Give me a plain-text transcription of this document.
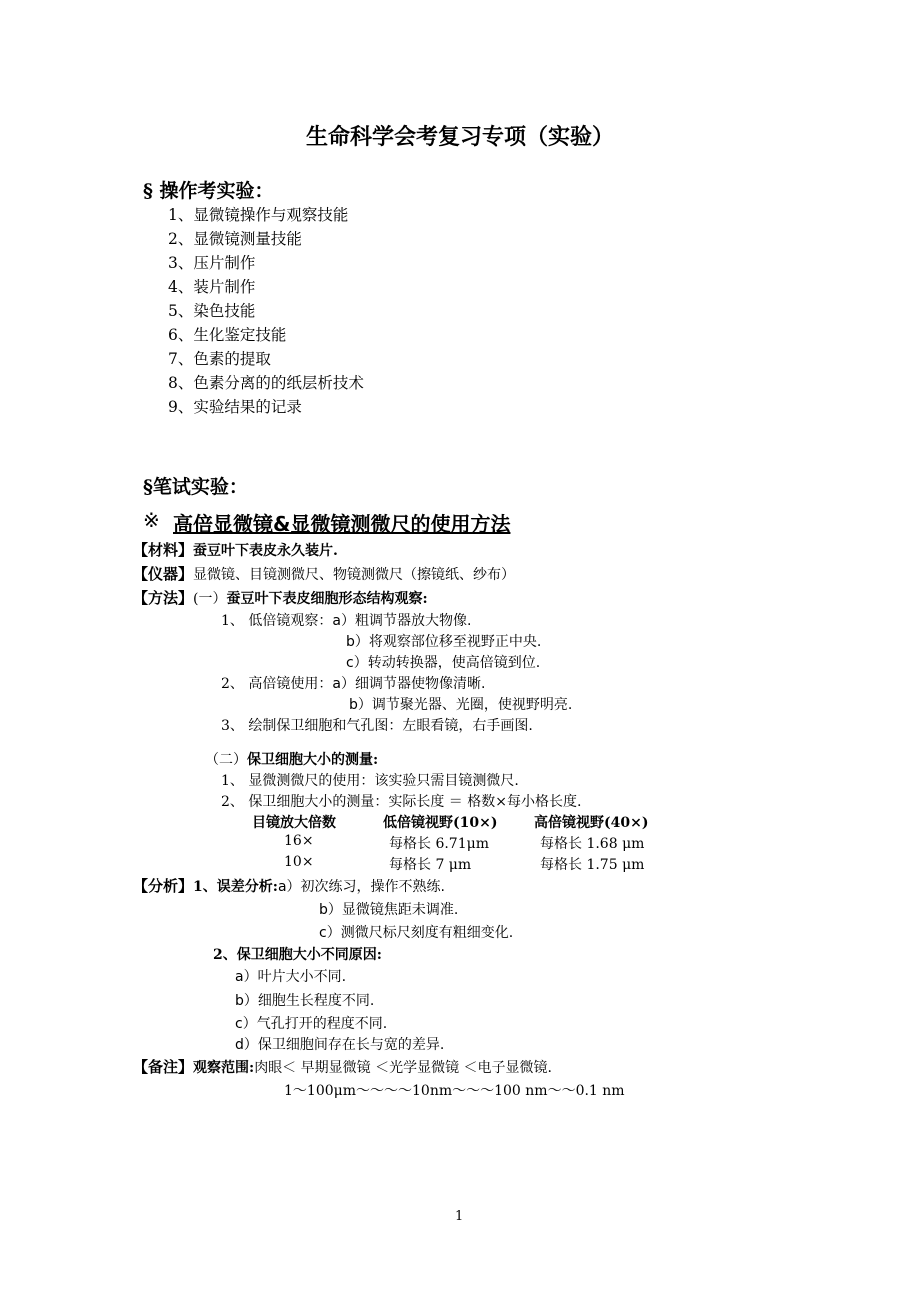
生命科学会考复习专项（实验）
§ 操作考实验：
1、显微镜操作与观察技能
2、显微镜测量技能
3、压片制作
4、装片制作
5、染色技能
6、生化鉴定技能
7、色素的提取
8、色素分离的的纸层析技术
9、实验结果的记录
§笔试实验：
※ 高倍显微镜&显微镜测微尺的使用方法
【材料】蚕豆叶下表皮永久装片.
【仪器】显微镜、目镜测微尺、物镜测微尺（擦镜纸、纱布）
【方法】(一）蚕豆叶下表皮细胞形态结构观察:
1、 低倍镜观察：a）粗调节器放大物像.
b）将观察部位移至视野正中央.
c）转动转换器，使高倍镜到位.
2、 高倍镜使用：a）细调节器使物像清晰.
b）调节聚光器、光圈，使视野明亮.
3、 绘制保卫细胞和气孔图：左眼看镜，右手画图.
（二）保卫细胞大小的测量:
1、 显微测微尺的使用：该实验只需目镜测微尺.
2、 保卫细胞大小的测量：实际长度 ＝ 格数×每小格长度.
目镜放大倍数	低倍镜视野(10×)	高倍镜视野(40×)
16×	每格长 6.71μm	每格长 1.68 μm
10×	每格长 7 μm	每格长 1.75 μm
【分析】1、误差分析:a）初次练习，操作不熟练.
b）显微镜焦距未调准.
c）测微尺标尺刻度有粗细变化.
2、保卫细胞大小不同原因:
a）叶片大小不同.
b）细胞生长程度不同.
c）气孔打开的程度不同.
d）保卫细胞间存在长与宽的差异.
【备注】观察范围:肉眼＜ 早期显微镜 ＜光学显微镜 ＜电子显微镜.
1～100μm～～～～10nm～～～100 nm～～0.1 nm
1
